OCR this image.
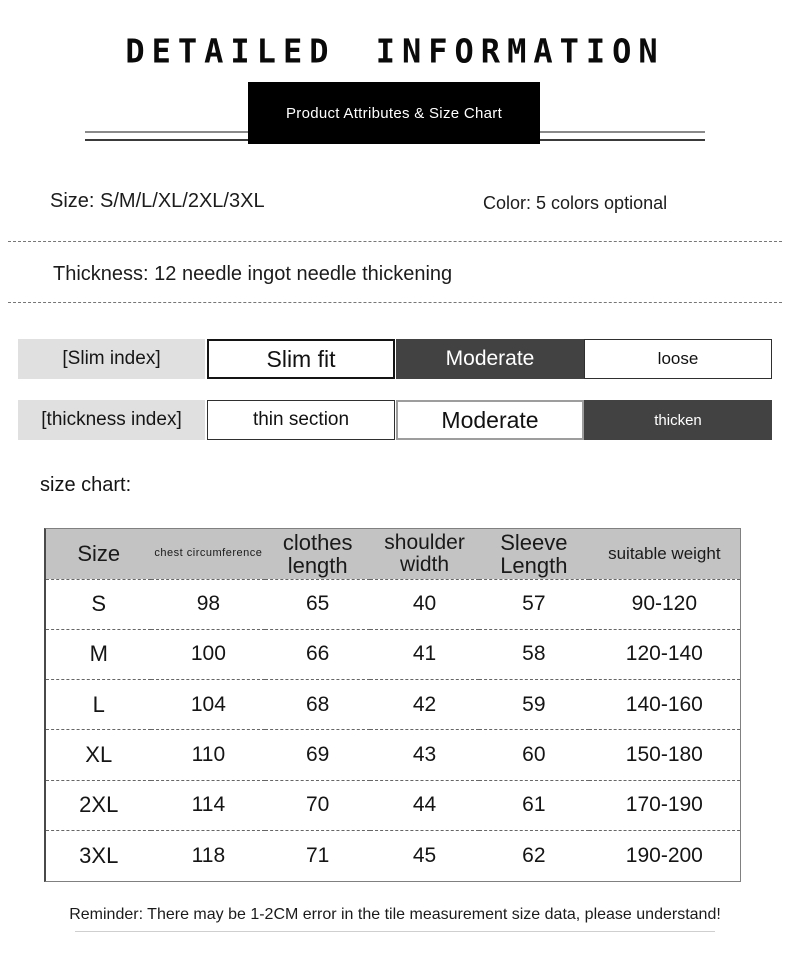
DETAILED INFORMATION
Product Attributes & Size Chart
Size: S/M/L/XL/2XL/3XL	Color: 5 colors optional
Thickness: 12 needle ingot needle thickening
[Slim index]	Slim fit	Moderate	loose
[thickness index]	thin section	Moderate	thicken
size chart:
Size	chest circumference	clothes length	shoulder width	Sleeve Length	suitable weight
S	98	65	40	57	90-120
M	100	66	41	58	120-140
L	104	68	42	59	140-160
XL	110	69	43	60	150-180
2XL	114	70	44	61	170-190
3XL	118	71	45	62	190-200
Reminder: There may be 1-2CM error in the tile measurement size data, please understand!
